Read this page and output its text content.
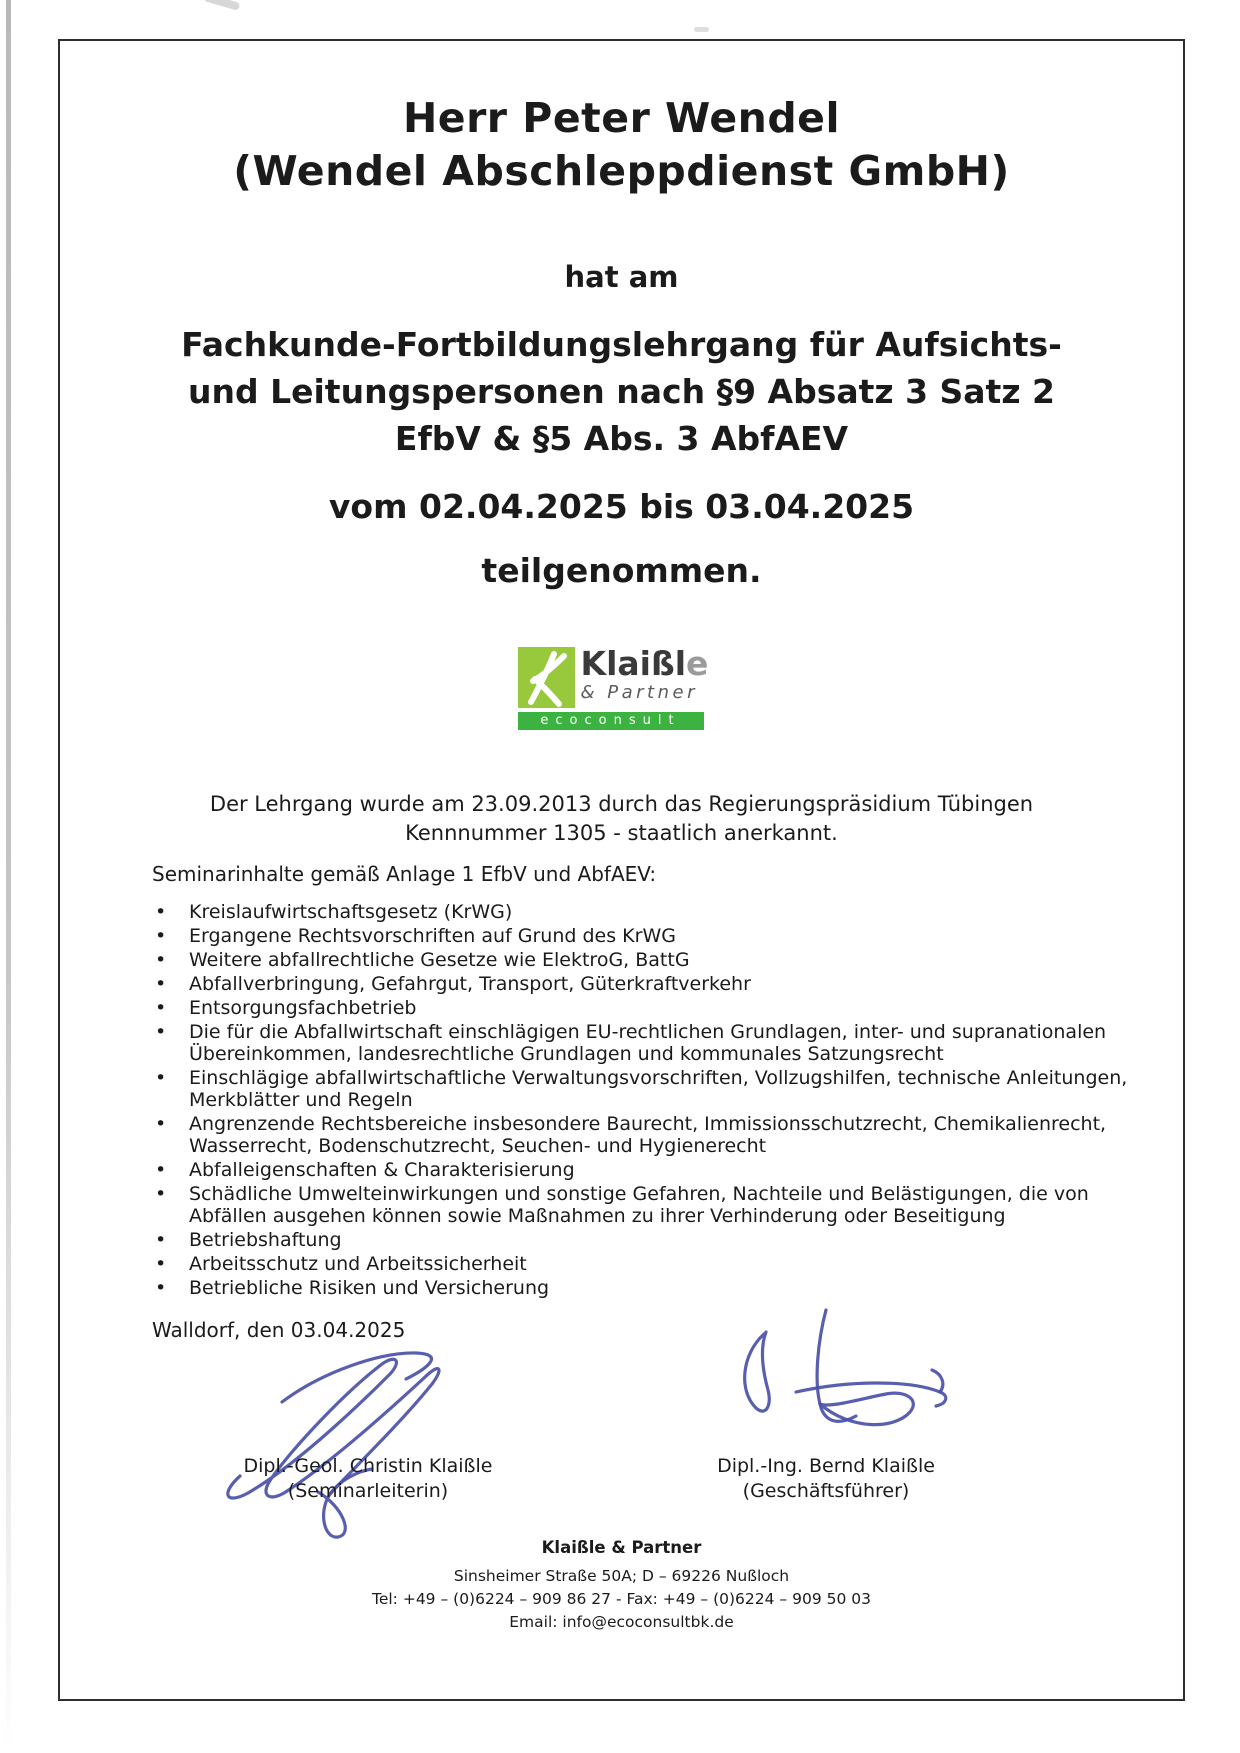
Herr Peter Wendel
(Wendel Abschleppdienst GmbH)
hat am
Fachkunde-Fortbildungslehrgang für Aufsichts-
und Leitungspersonen nach §9 Absatz 3 Satz 2
EfbV & §5 Abs. 3 AbfAEV
vom 02.04.2025 bis 03.04.2025
teilgenommen.
Klaißle
& Partner
ecoconsult
Der Lehrgang wurde am 23.09.2013 durch das Regierungspräsidium Tübingen
Kennnummer 1305 - staatlich anerkannt.
Seminarinhalte gemäß Anlage 1 EfbV und AbfAEV:
• Kreislaufwirtschaftsgesetz (KrWG)
• Ergangene Rechtsvorschriften auf Grund des KrWG
• Weitere abfallrechtliche Gesetze wie ElektroG, BattG
• Abfallverbringung, Gefahrgut, Transport, Güterkraftverkehr
• Entsorgungsfachbetrieb
• Die für die Abfallwirtschaft einschlägigen EU-rechtlichen Grundlagen, inter- und supranationalen Übereinkommen, landesrechtliche Grundlagen und kommunales Satzungsrecht
• Einschlägige abfallwirtschaftliche Verwaltungsvorschriften, Vollzugshilfen, technische Anleitungen, Merkblätter und Regeln
• Angrenzende Rechtsbereiche insbesondere Baurecht, Immissionsschutzrecht, Chemikalienrecht, Wasserrecht, Bodenschutzrecht, Seuchen- und Hygienerecht
• Abfalleigenschaften & Charakterisierung
• Schädliche Umwelteinwirkungen und sonstige Gefahren, Nachteile und Belästigungen, die von Abfällen ausgehen können sowie Maßnahmen zu ihrer Verhinderung oder Beseitigung
• Betriebshaftung
• Arbeitsschutz und Arbeitssicherheit
• Betriebliche Risiken und Versicherung
Walldorf, den 03.04.2025
Dipl.-Geol. Christin Klaißle
(Seminarleiterin)
Dipl.-Ing. Bernd Klaißle
(Geschäftsführer)
Klaißle & Partner
Sinsheimer Straße 50A; D – 69226 Nußloch
Tel: +49 – (0)6224 – 909 86 27 - Fax: +49 – (0)6224 – 909 50 03
Email: info@ecoconsultbk.de
